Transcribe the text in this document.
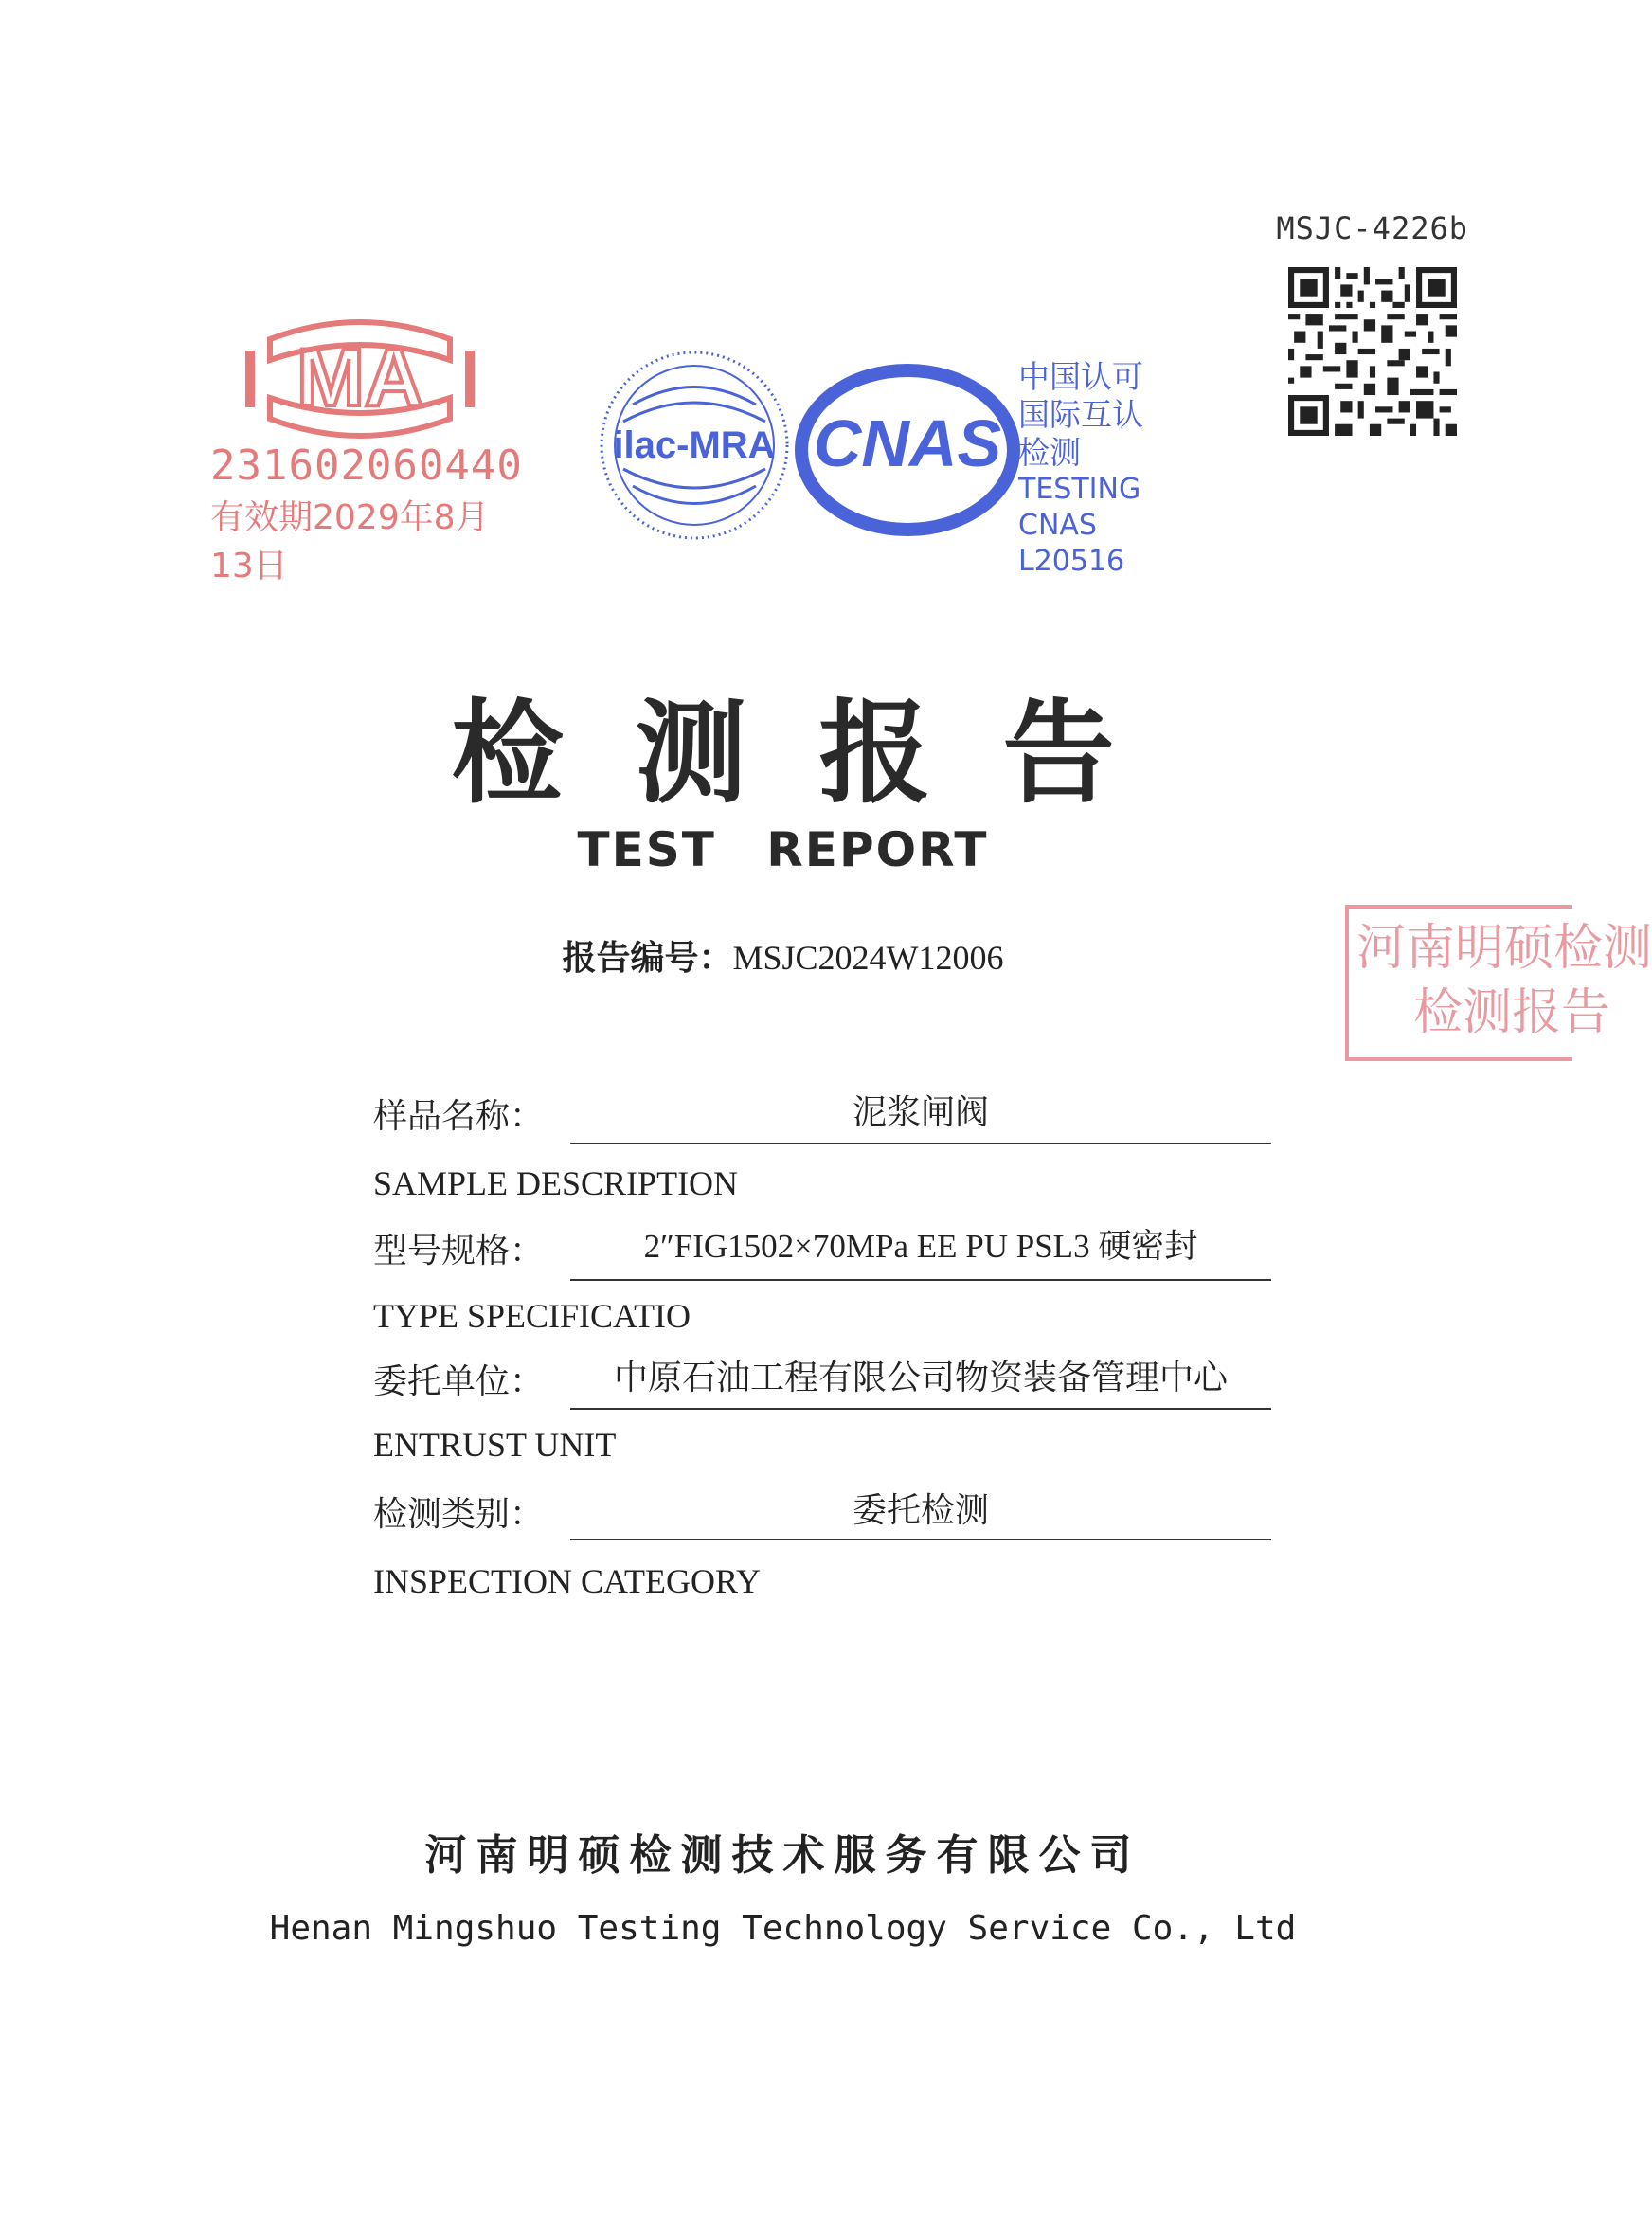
MSJC-4226b
MA
231602060440
有效期2029年8月13日
ilac-MRA CNAS
中国认可
国际互认
检测
TESTING
CNAS L20516
检测报告
TEST REPORT
报告编号：MSJC2024W12006	河南明硕检测
检测报告
样品名称：	泥浆闸阀
SAMPLE DESCRIPTION
型号规格：	2″FIG1502×70MPa EE PU PSL3 硬密封
TYPE SPECIFICATIO
委托单位：	中原石油工程有限公司物资装备管理中心
ENTRUST UNIT
检测类别：	委托检测
INSPECTION CATEGORY
河南明硕检测技术服务有限公司
Henan Mingshuo Testing Technology Service Co., Ltd
